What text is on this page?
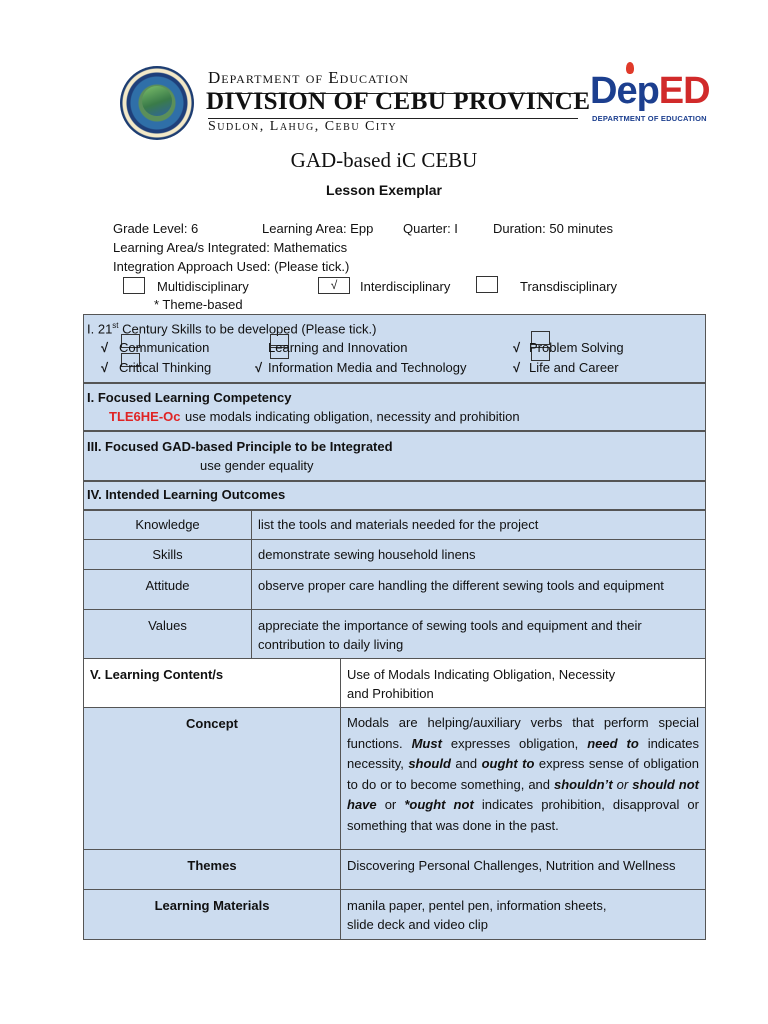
Department of Education
DIVISION OF CEBU PROVINCE
Sudlon, Lahug, Cebu City
DepED
DEPARTMENT OF EDUCATION
GAD-based iC CEBU
Lesson Exemplar
Grade Level: 6	Learning Area: Epp Quarter: I	Duration: 50 minutes
Learning Area/s Integrated: Mathematics
Integration Approach Used: (Please tick.)
Multidisciplinary	√	Interdisciplinary	Transdisciplinary
* Theme-based
I. 21st Century Skills to be developed (Please tick.)
√ Communication	Learning and Innovation	√ Problem Solving
√ Critical Thinking	√ Information Media and Technology	√ Life and Career
I. Focused Learning Competency
TLE6HE-Oc use modals indicating obligation, necessity and prohibition
III. Focused GAD-based Principle to be Integrated
use gender equality
IV. Intended Learning Outcomes
Knowledge	list the tools and materials needed for the project
Skills	demonstrate sewing household linens
Attitude	observe proper care handling the different sewing tools and equipment
Values	appreciate the importance of sewing tools and equipment and their
contribution to daily living
V. Learning Content/s	Use of Modals Indicating Obligation, Necessity
and Prohibition
Concept	Modals are helping/auxiliary verbs that perform special functions. Must expresses obligation, need to indicates necessity, should and ought to express sense of obligation to do or to become something, and shouldn’t or should not have or *ought not indicates prohibition, disapproval or something that was done in the past.
Themes	Discovering Personal Challenges, Nutrition and Wellness
Learning Materials	manila paper, pentel pen, information sheets,
slide deck and video clip
